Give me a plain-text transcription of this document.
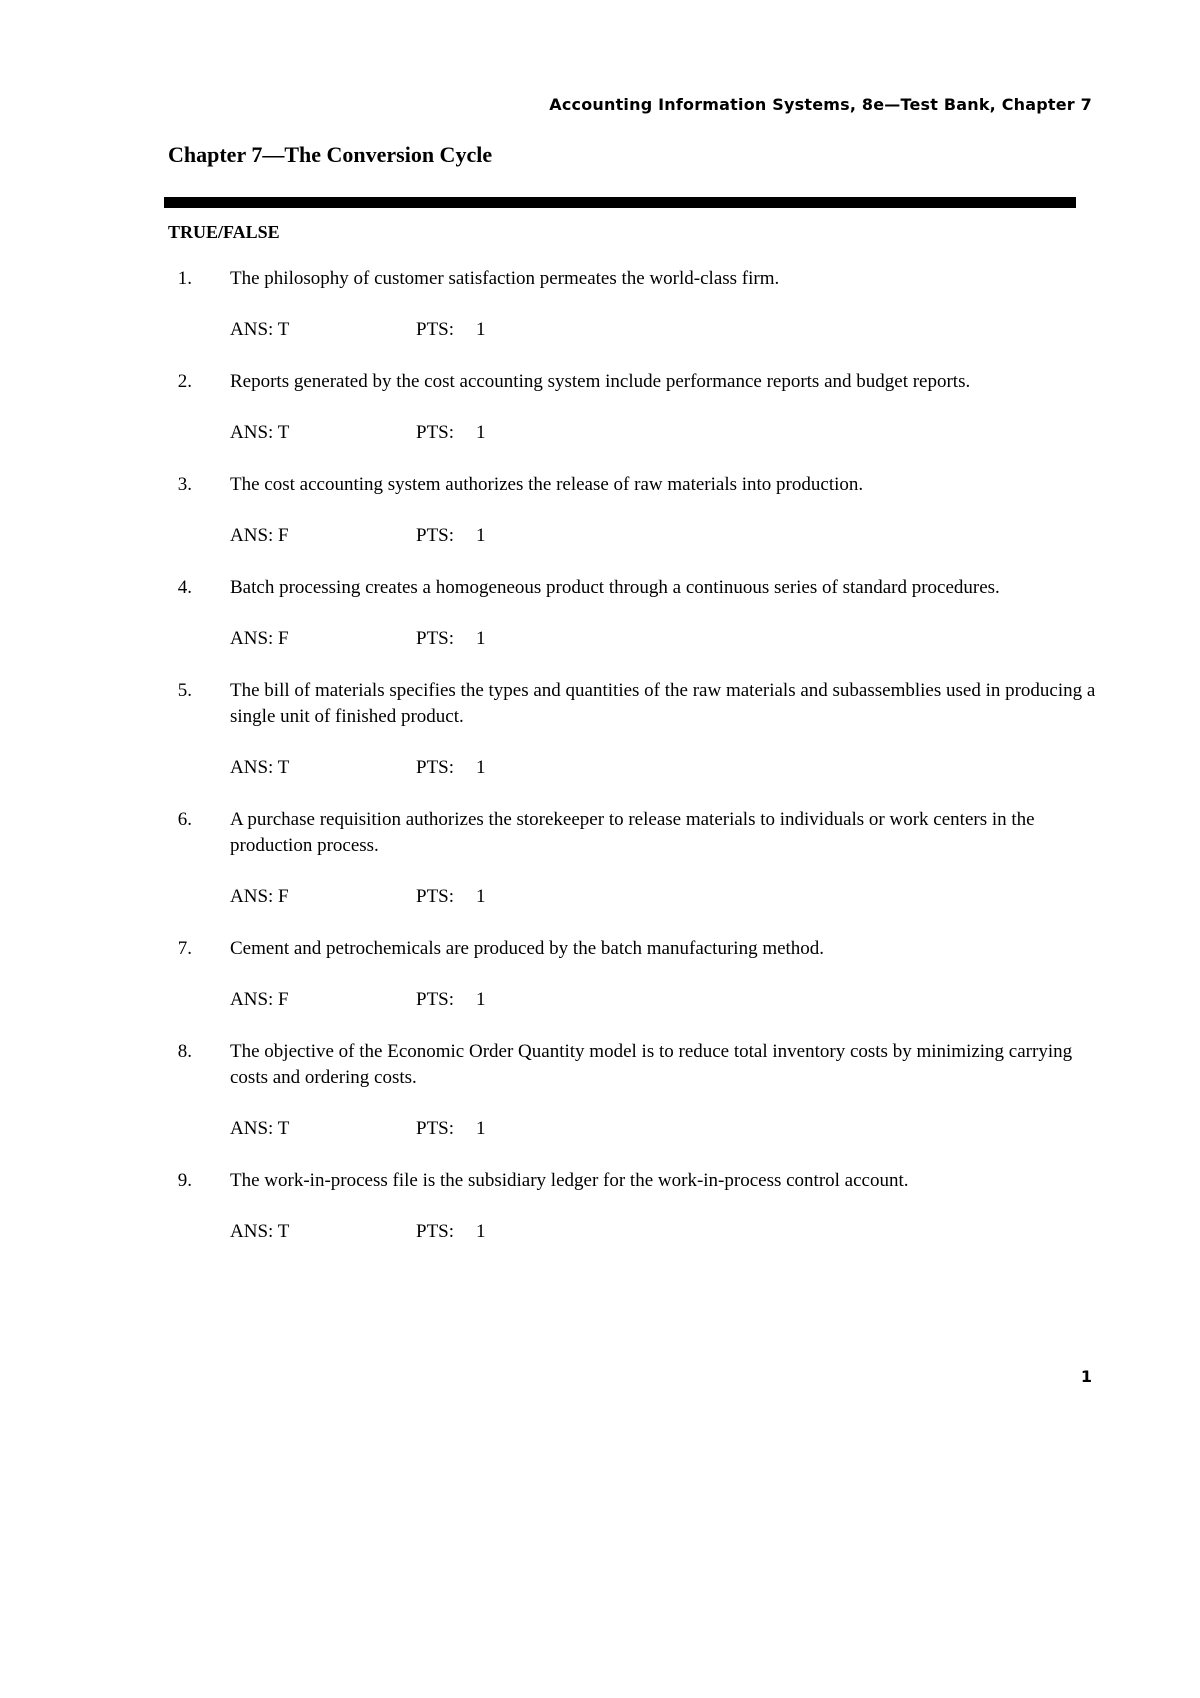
Accounting Information Systems, 8e—Test Bank, Chapter 7
Chapter 7—The Conversion Cycle
TRUE/FALSE
1. The philosophy of customer satisfaction permeates the world-class firm.
ANS: T	PTS: 1
2. Reports generated by the cost accounting system include performance reports and budget reports.
ANS: T	PTS: 1
3. The cost accounting system authorizes the release of raw materials into production.
ANS: F	PTS: 1
4. Batch processing creates a homogeneous product through a continuous series of standard procedures.
ANS: F	PTS: 1
5. The bill of materials specifies the types and quantities of the raw materials and subassemblies used in producing a single unit of finished product.
ANS: T	PTS: 1
6. A purchase requisition authorizes the storekeeper to release materials to individuals or work centers in the production process.
ANS: F	PTS: 1
7. Cement and petrochemicals are produced by the batch manufacturing method.
ANS: F	PTS: 1
8. The objective of the Economic Order Quantity model is to reduce total inventory costs by minimizing carrying costs and ordering costs.
ANS: T	PTS: 1
9. The work-in-process file is the subsidiary ledger for the work-in-process control account.
ANS: T	PTS: 1
1
